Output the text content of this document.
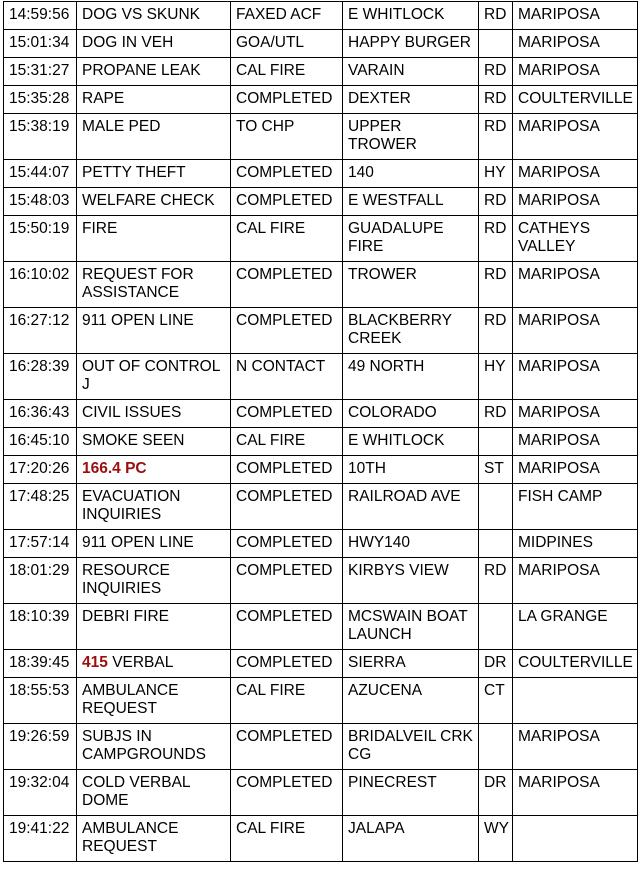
14:59:56	DOG VS SKUNK	FAXED ACF	E WHITLOCK	RD	MARIPOSA
15:01:34	DOG IN VEH	GOA/UTL	HAPPY BURGER		MARIPOSA
15:31:27	PROPANE LEAK	CAL FIRE	VARAIN	RD	MARIPOSA
15:35:28	RAPE	COMPLETED	DEXTER	RD	COULTERVILLE
15:38:19	MALE PED	TO CHP	UPPER TROWER	RD	MARIPOSA
15:44:07	PETTY THEFT	COMPLETED	140	HY	MARIPOSA
15:48:03	WELFARE CHECK	COMPLETED	E WESTFALL	RD	MARIPOSA
15:50:19	FIRE	CAL FIRE	GUADALUPE FIRE	RD	CATHEYS VALLEY
16:10:02	REQUEST FOR ASSISTANCE	COMPLETED	TROWER	RD	MARIPOSA
16:27:12	911 OPEN LINE	COMPLETED	BLACKBERRY CREEK	RD	MARIPOSA
16:28:39	OUT OF CONTROL J	N CONTACT	49 NORTH	HY	MARIPOSA
16:36:43	CIVIL ISSUES	COMPLETED	COLORADO	RD	MARIPOSA
16:45:10	SMOKE SEEN	CAL FIRE	E WHITLOCK		MARIPOSA
17:20:26	166.4 PC	COMPLETED	10TH	ST	MARIPOSA
17:48:25	EVACUATION INQUIRIES	COMPLETED	RAILROAD AVE		FISH CAMP
17:57:14	911 OPEN LINE	COMPLETED	HWY140		MIDPINES
18:01:29	RESOURCE INQUIRIES	COMPLETED	KIRBYS VIEW	RD	MARIPOSA
18:10:39	DEBRI FIRE	COMPLETED	MCSWAIN BOAT LAUNCH		LA GRANGE
18:39:45	415 VERBAL	COMPLETED	SIERRA	DR	COULTERVILLE
18:55:53	AMBULANCE REQUEST	CAL FIRE	AZUCENA	CT	
19:26:59	SUBJS IN CAMPGROUNDS	COMPLETED	BRIDALVEIL CRK CG		MARIPOSA
19:32:04	COLD VERBAL DOME	COMPLETED	PINECREST	DR	MARIPOSA
19:41:22	AMBULANCE REQUEST	CAL FIRE	JALAPA	WY	
